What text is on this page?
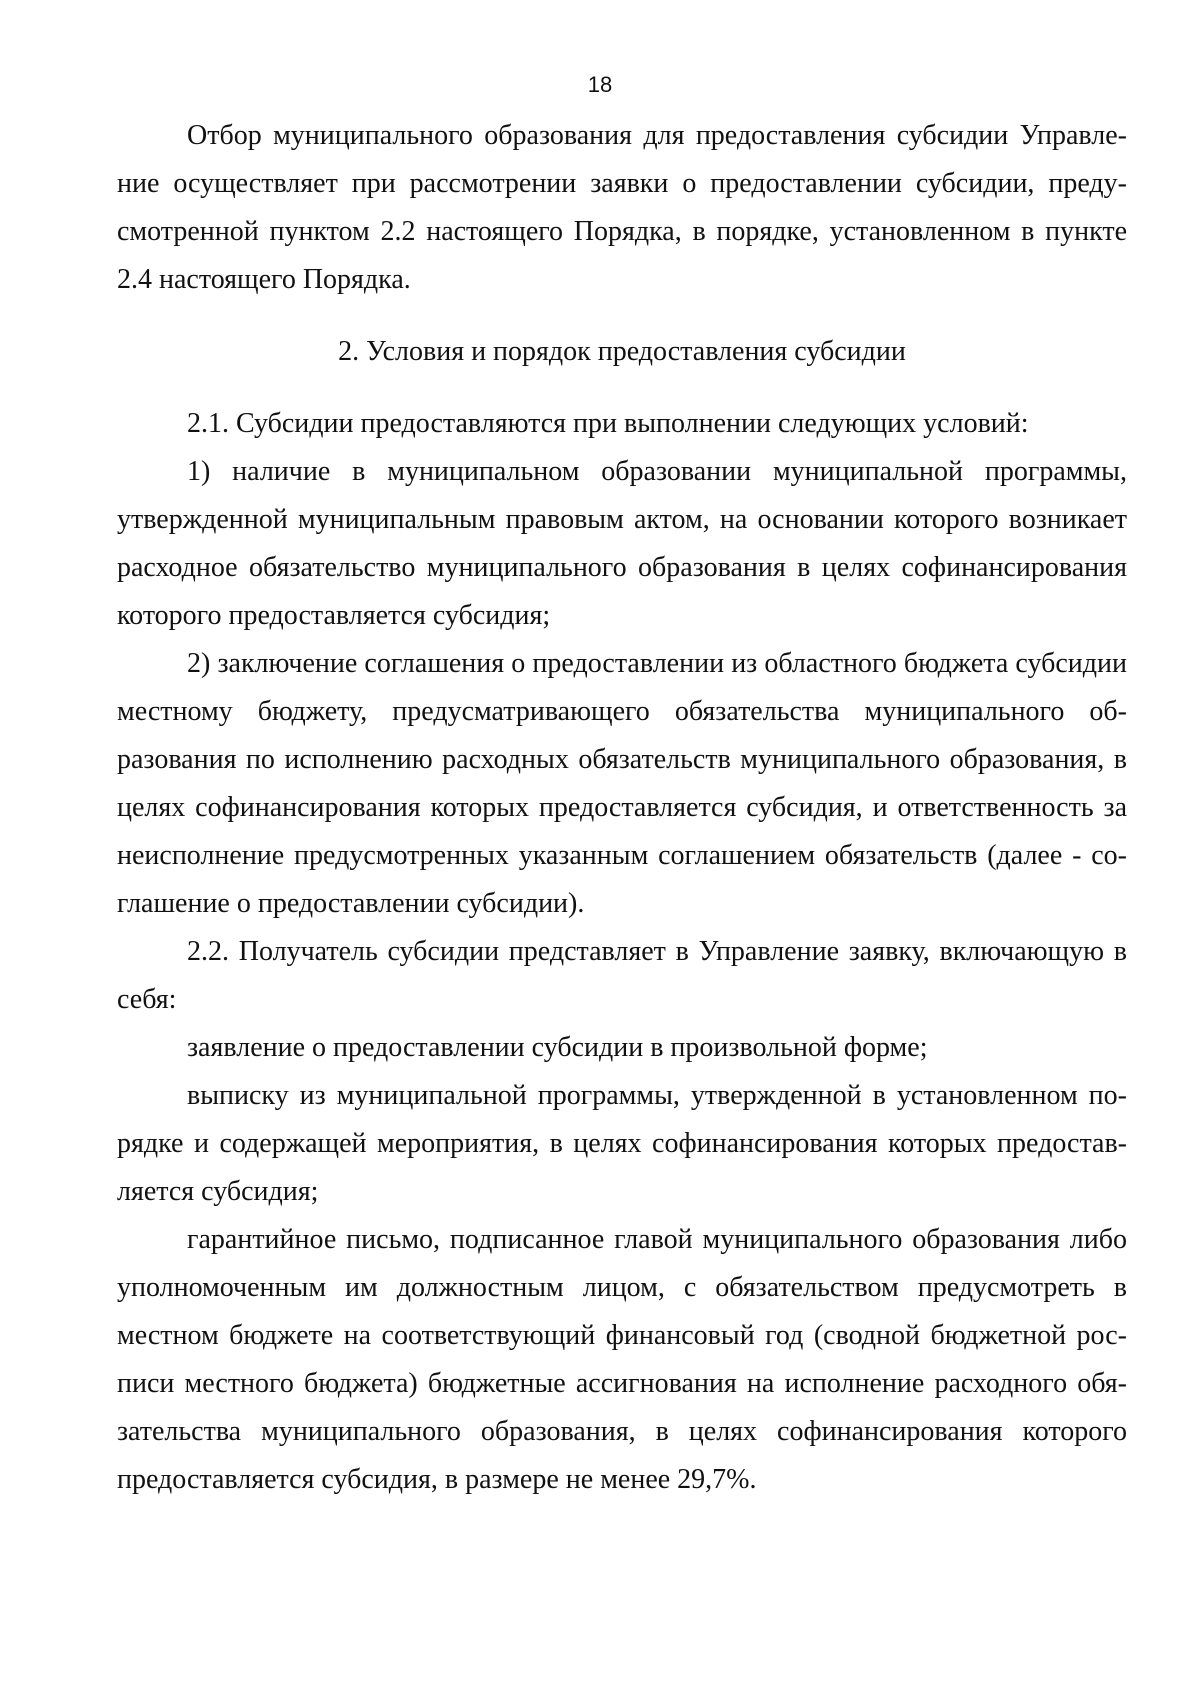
18

Отбор муниципального образования для предоставления субсидии Управление осуществляет при рассмотрении заявки о предоставлении субсидии, предусмотренной пунктом 2.2 настоящего Порядка, в порядке, установленном в пункте 2.4 настоящего Порядка.

2. Условия и порядок предоставления субсидии

2.1. Субсидии предоставляются при выполнении следующих условий:

1) наличие в муниципальном образовании муниципальной программы, утвержденной муниципальным правовым актом, на основании которого возникает расходное обязательство муниципального образования в целях софинансирования которого предоставляется субсидия;

2) заключение соглашения о предоставлении из областного бюджета субсидии местному бюджету, предусматривающего обязательства муниципального образования по исполнению расходных обязательств муниципального образования, в целях софинансирования которых предоставляется субсидия, и ответственность за неисполнение предусмотренных указанным соглашением обязательств (далее - соглашение о предоставлении субсидии).

2.2. Получатель субсидии представляет в Управление заявку, включающую в себя:

заявление о предоставлении субсидии в произвольной форме;

выписку из муниципальной программы, утвержденной в установленном порядке и содержащей мероприятия, в целях софинансирования которых предоставляется субсидия;

гарантийное письмо, подписанное главой муниципального образования либо уполномоченным им должностным лицом, с обязательством предусмотреть в местном бюджете на соответствующий финансовый год (сводной бюджетной росписи местного бюджета) бюджетные ассигнования на исполнение расходного обязательства муниципального образования, в целях софинансирования которого предоставляется субсидия, в размере не менее 29,7%.
